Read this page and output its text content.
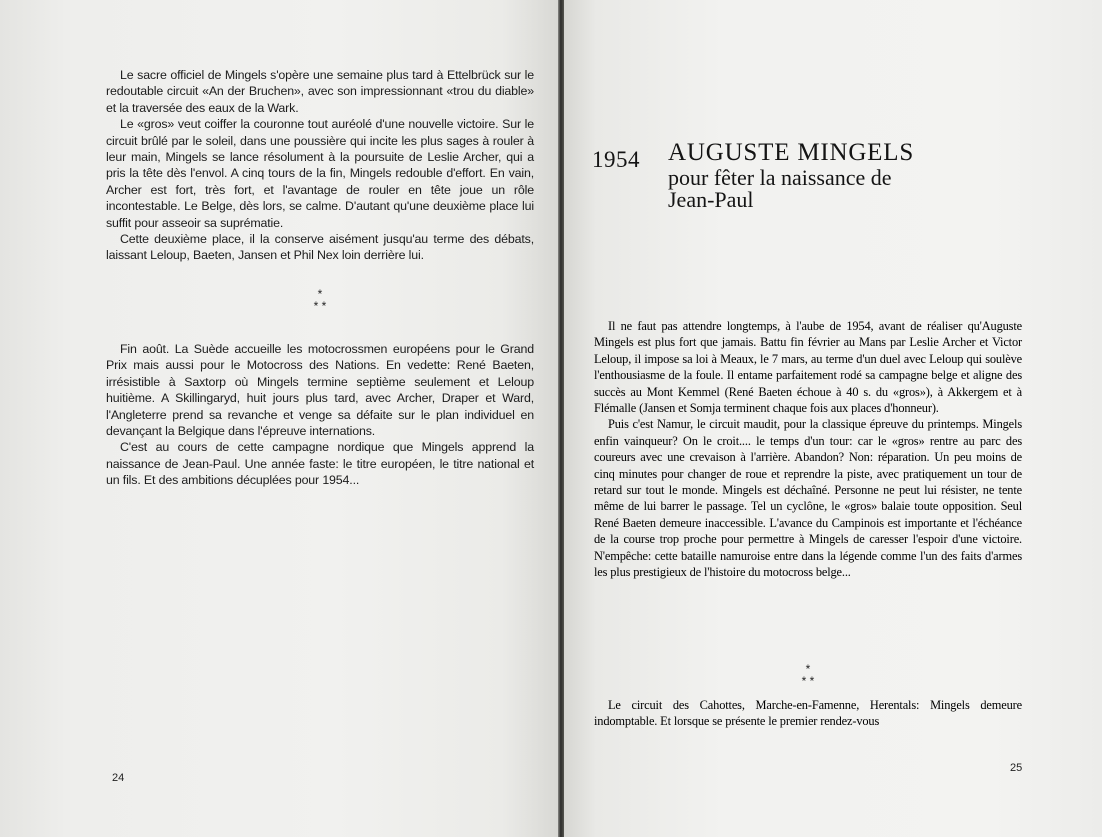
Le sacre officiel de Mingels s'opère une semaine plus tard à Ettelbrück sur le redoutable circuit «An der Bruchen», avec son impressionnant «trou du diable» et la traversée des eaux de la Wark.

Le «gros» veut coiffer la couronne tout auréolé d'une nouvelle victoire. Sur le circuit brûlé par le soleil, dans une poussière qui incite les plus sages à rouler à leur main, Mingels se lance résolument à la poursuite de Leslie Archer, qui a pris la tête dès l'envol. A cinq tours de la fin, Mingels redouble d'effort. En vain, Archer est fort, très fort, et l'avantage de rouler en tête joue un rôle incontestable. Le Belge, dès lors, se calme. D'autant qu'une deuxième place lui suffit pour asseoir sa suprématie.

Cette deuxième place, il la conserve aisément jusqu'au terme des débats, laissant Leloup, Baeten, Jansen et Phil Nex loin derrière lui.

*
* *

Fin août. La Suède accueille les motocrossmen européens pour le Grand Prix mais aussi pour le Motocross des Nations. En vedette: René Baeten, irrésistible à Saxtorp où Mingels termine septième seulement et Leloup huitième. A Skillingaryd, huit jours plus tard, avec Archer, Draper et Ward, l'Angleterre prend sa revanche et venge sa défaite sur le plan individuel en devançant la Belgique dans l'épreuve internations.

C'est au cours de cette campagne nordique que Mingels apprend la naissance de Jean-Paul. Une année faste: le titre européen, le titre national et un fils. Et des ambitions décuplées pour 1954...

24
1954 AUGUSTE MINGELS
pour fêter la naissance de Jean-Paul

Il ne faut pas attendre longtemps, à l'aube de 1954, avant de réaliser qu'Auguste Mingels est plus fort que jamais. Battu fin février au Mans par Leslie Archer et Victor Leloup, il impose sa loi à Meaux, le 7 mars, au terme d'un duel avec Leloup qui soulève l'enthousiasme de la foule. Il entame parfaitement rodé sa campagne belge et aligne des succès au Mont Kemmel (René Baeten échoue à 40 s. du «gros»), à Akkergem et à Flémalle (Jansen et Somja terminent chaque fois aux places d'honneur).

Puis c'est Namur, le circuit maudit, pour la classique épreuve du printemps. Mingels enfin vainqueur? On le croit.... le temps d'un tour: car le «gros» rentre au parc des coureurs avec une crevaison à l'arrière. Abandon? Non: réparation. Un peu moins de cinq minutes pour changer de roue et reprendre la piste, avec pratiquement un tour de retard sur tout le monde. Mingels est déchaîné. Personne ne peut lui résister, ne tente même de lui barrer le passage. Tel un cyclône, le «gros» balaie toute opposition. Seul René Baeten demeure inaccessible. L'avance du Campinois est importante et l'échéance de la course trop proche pour permettre à Mingels de caresser l'espoir d'une victoire. N'empêche: cette bataille namuroise entre dans la légende comme l'un des faits d'armes les plus prestigieux de l'histoire du motocross belge...

*
* *

Le circuit des Cahottes, Marche-en-Famenne, Herentals: Mingels demeure indomptable. Et lorsque se présente le premier rendez-vous

25
